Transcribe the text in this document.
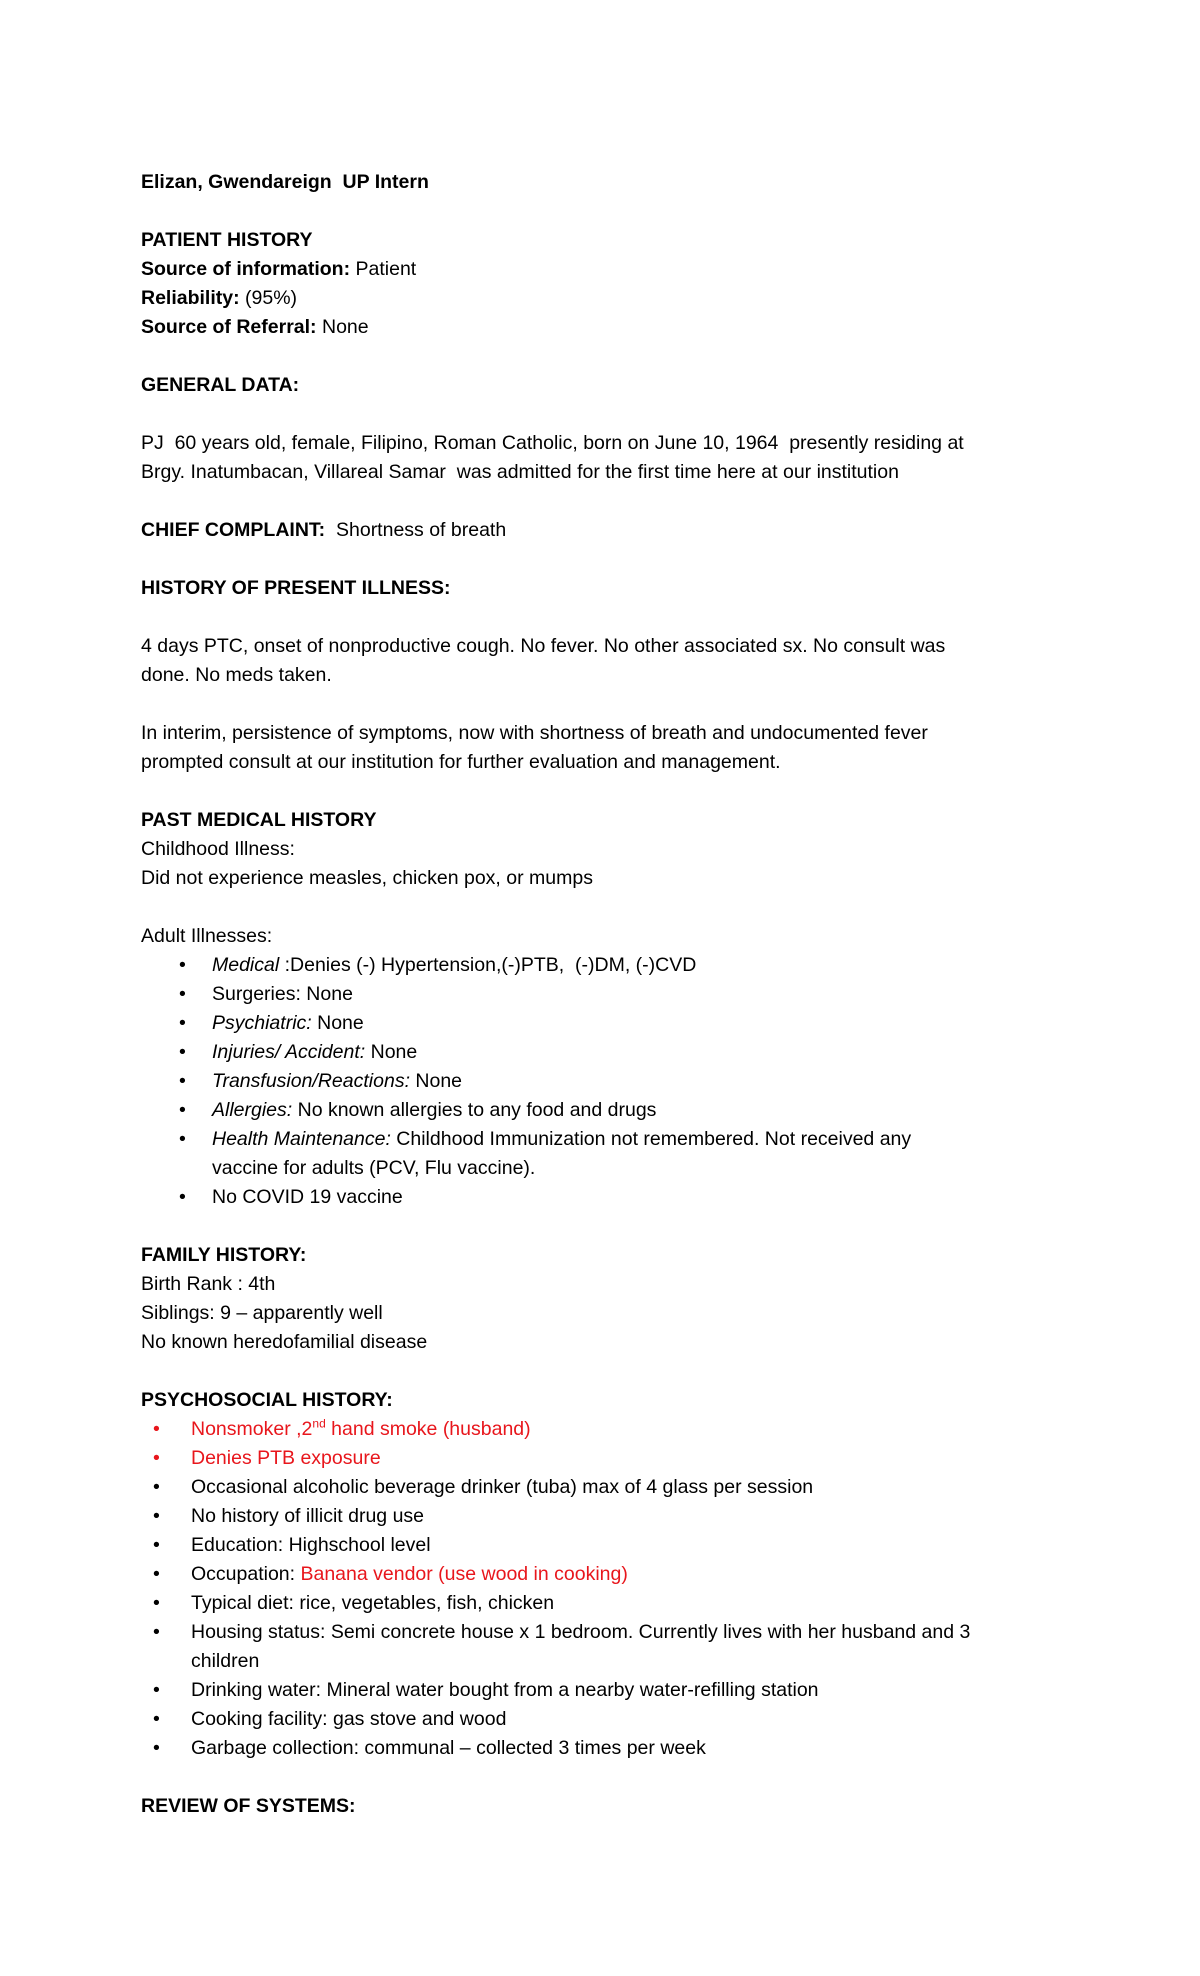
Elizan, Gwendareign  UP Intern

PATIENT HISTORY

Source of information: Patient

Reliability: (95%)

Source of Referral: None

GENERAL DATA:

PJ  60 years old, female, Filipino, Roman Catholic, born on June 10, 1964  presently residing at

Brgy. Inatumbacan, Villareal Samar  was admitted for the first time here at our institution

CHIEF COMPLAINT:  Shortness of breath

HISTORY OF PRESENT ILLNESS:

4 days PTC, onset of nonproductive cough. No fever. No other associated sx. No consult was

done. No meds taken.

In interim, persistence of symptoms, now with shortness of breath and undocumented fever

prompted consult at our institution for further evaluation and management.

PAST MEDICAL HISTORY

Childhood Illness:

Did not experience measles, chicken pox, or mumps

Adult Illnesses:

• Medical :Denies (-) Hypertension,(-)PTB,  (-)DM, (-)CVD
• Surgeries: None
• Psychiatric: None
• Injuries/ Accident: None
• Transfusion/Reactions: None
• Allergies: No known allergies to any food and drugs
• Health Maintenance: Childhood Immunization not remembered. Not received any
vaccine for adults (PCV, Flu vaccine).
• No COVID 19 vaccine

FAMILY HISTORY:

Birth Rank : 4th

Siblings: 9 – apparently well

No known heredofamilial disease

PSYCHOSOCIAL HISTORY:

• Nonsmoker ,2nd hand smoke (husband)
• Denies PTB exposure
• Occasional alcoholic beverage drinker (tuba) max of 4 glass per session
• No history of illicit drug use
• Education: Highschool level
• Occupation: Banana vendor (use wood in cooking)
• Typical diet: rice, vegetables, fish, chicken
• Housing status: Semi concrete house x 1 bedroom. Currently lives with her husband and 3
children
• Drinking water: Mineral water bought from a nearby water-refilling station
• Cooking facility: gas stove and wood
• Garbage collection: communal – collected 3 times per week

REVIEW OF SYSTEMS:
